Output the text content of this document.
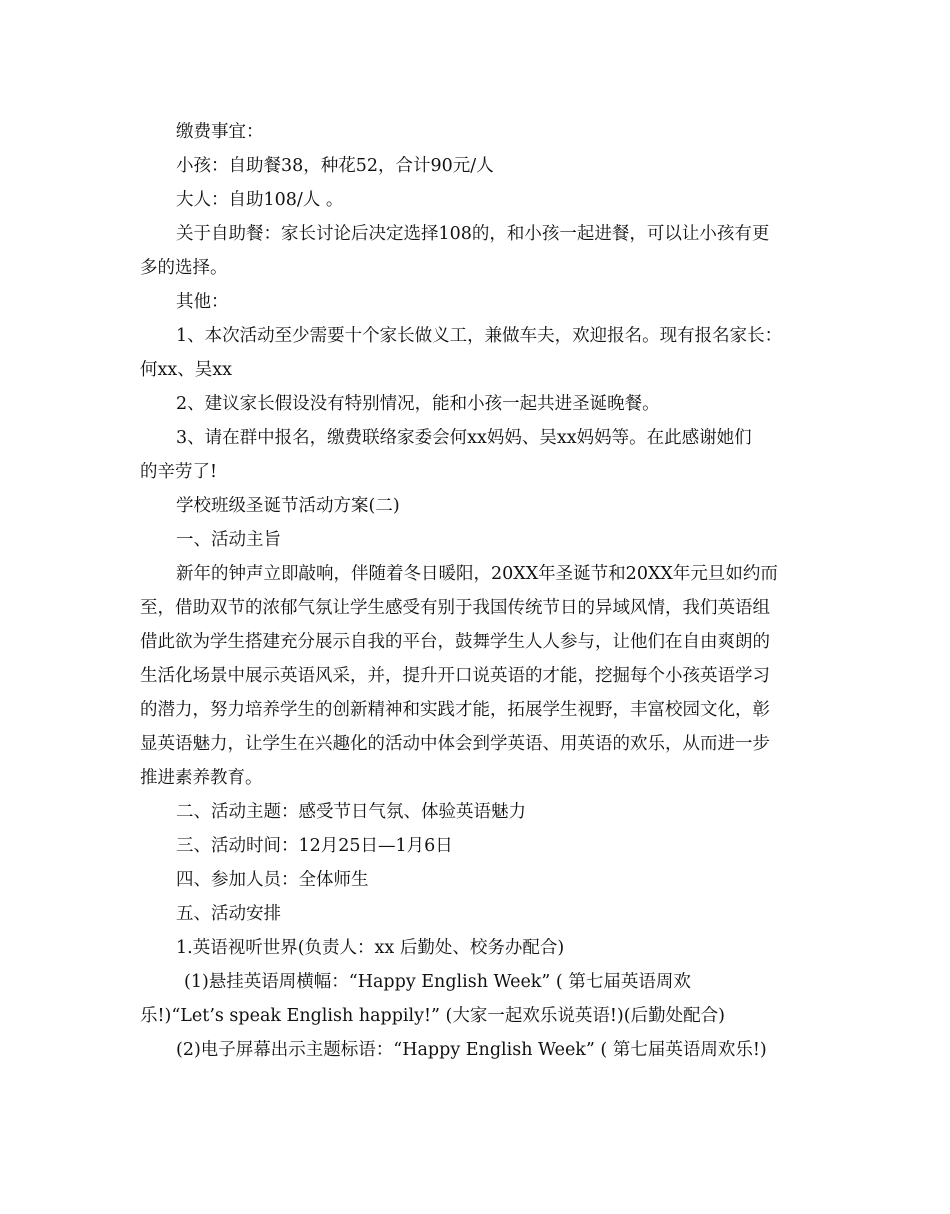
缴费事宜：
小孩：自助餐38，种花52，合计90元/人
大人：自助108/人 。
关于自助餐：家长讨论后决定选择108的，和小孩一起进餐，可以让小孩有更
多的选择。
其他：
1、本次活动至少需要十个家长做义工，兼做车夫，欢迎报名。现有报名家长：
何xx、吴xx
2、建议家长假设没有特别情况，能和小孩一起共进圣诞晚餐。
3、请在群中报名，缴费联络家委会何xx妈妈、吴xx妈妈等。在此感谢她们
的辛劳了!
学校班级圣诞节活动方案(二)
一、活动主旨
新年的钟声立即敲响，伴随着冬日暖阳，20XX年圣诞节和20XX年元旦如约而
至，借助双节的浓郁气氛让学生感受有别于我国传统节日的异域风情，我们英语组
借此欲为学生搭建充分展示自我的平台，鼓舞学生人人参与，让他们在自由爽朗的
生活化场景中展示英语风采，并，提升开口说英语的才能，挖掘每个小孩英语学习
的潜力，努力培养学生的创新精神和实践才能，拓展学生视野，丰富校园文化，彰
显英语魅力，让学生在兴趣化的活动中体会到学英语、用英语的欢乐，从而进一步
推进素养教育。
二、活动主题：感受节日气氛、体验英语魅力
三、活动时间：12月25日—1月6日
四、参加人员：全体师生
五、活动安排
1.英语视听世界(负责人：xx 后勤处、校务办配合)
(1)悬挂英语周横幅：“Happy English Week” ( 第七届英语周欢
乐!)“Let’s speak English happily!” (大家一起欢乐说英语!)(后勤处配合)
(2)电子屏幕出示主题标语：“Happy English Week” ( 第七届英语周欢乐!)
